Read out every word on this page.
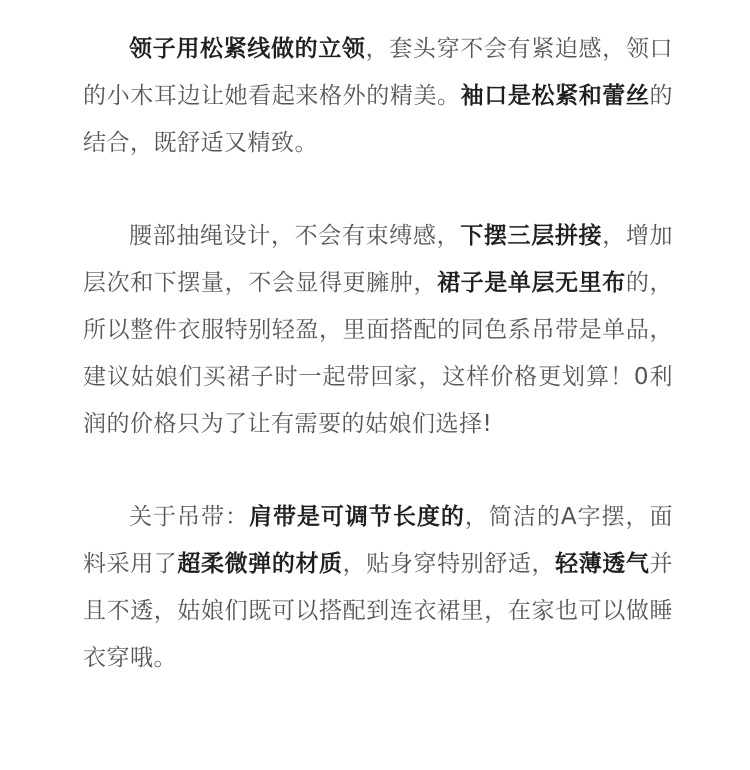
领子用松紧线做的立领，套头穿不会有紧迫感，领口的小木耳边让她看起来格外的精美。袖口是松紧和蕾丝的结合，既舒适又精致。

腰部抽绳设计，不会有束缚感，下摆三层拼接，增加层次和下摆量，不会显得更臃肿，裙子是单层无里布的，所以整件衣服特别轻盈，里面搭配的同色系吊带是单品，建议姑娘们买裙子时一起带回家，这样价格更划算！0利润的价格只为了让有需要的姑娘们选择!

关于吊带：肩带是可调节长度的，简洁的A字摆，面料采用了超柔微弹的材质，贴身穿特别舒适，轻薄透气并且不透，姑娘们既可以搭配到连衣裙里，在家也可以做睡衣穿哦。
